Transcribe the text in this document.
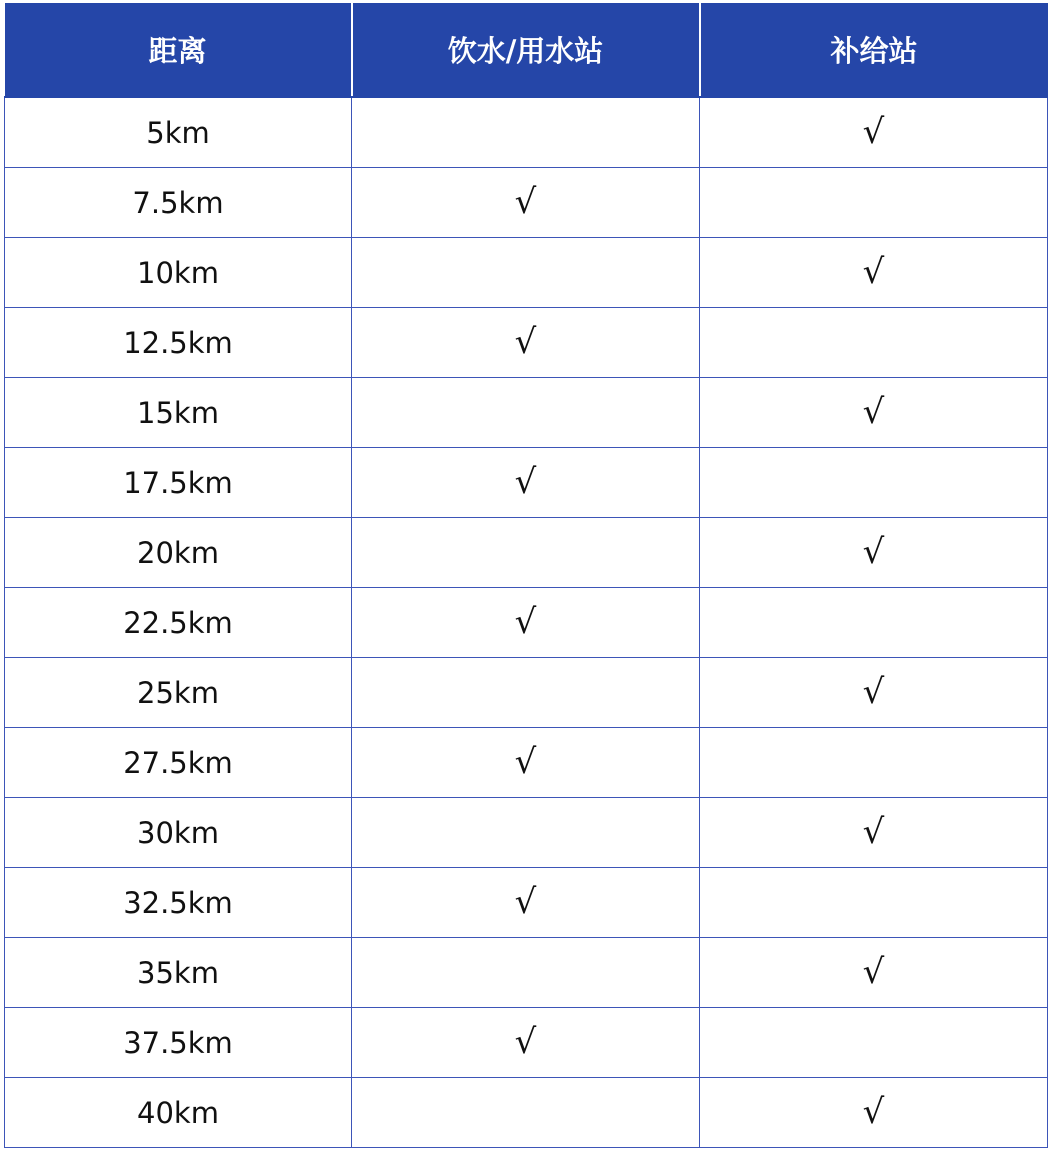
距离	饮水/用水站	补给站
5km		√
7.5km	√	
10km		√
12.5km	√	
15km		√
17.5km	√	
20km		√
22.5km	√	
25km		√
27.5km	√	
30km		√
32.5km	√	
35km		√
37.5km	√	
40km		√
